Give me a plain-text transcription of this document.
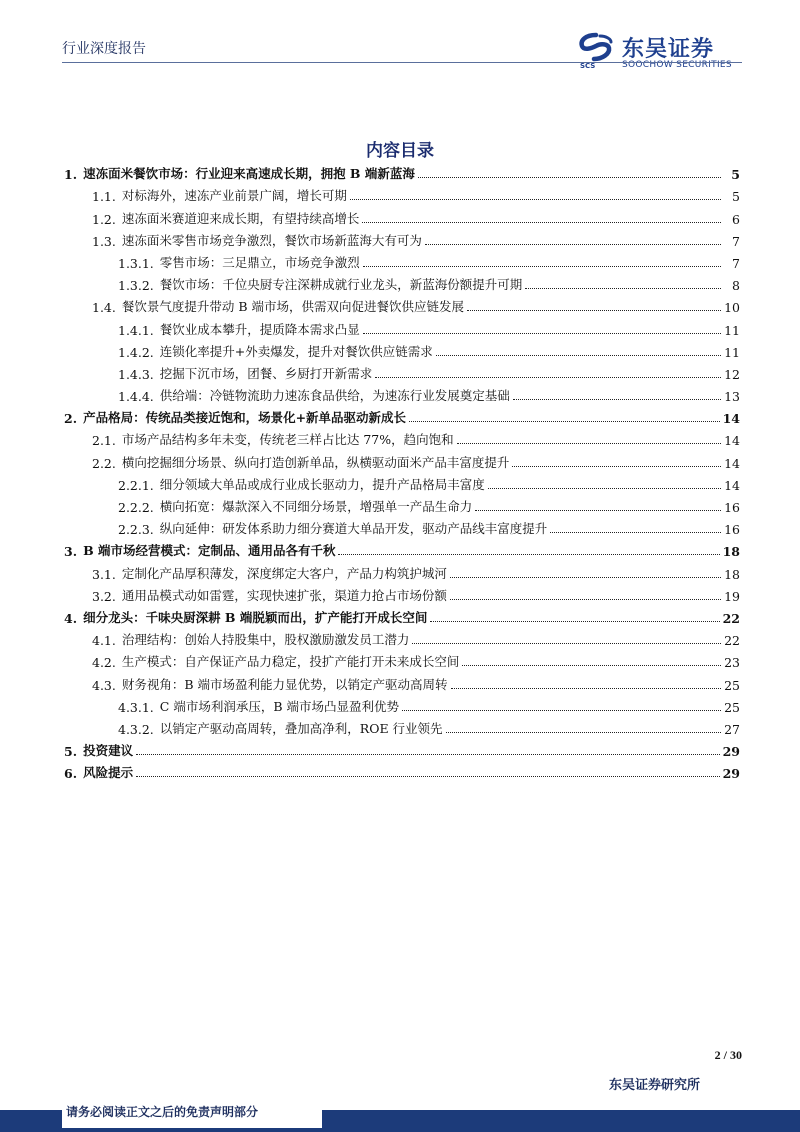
行业深度报告
SCS
东吴证券
SOOCHOW SECURITIES
内容目录
1. 速冻面米餐饮市场：行业迎来高速成长期，拥抱 B 端新蓝海	5
1.1. 对标海外，速冻产业前景广阔，增长可期	5
1.2. 速冻面米赛道迎来成长期，有望持续高增长	6
1.3. 速冻面米零售市场竞争激烈，餐饮市场新蓝海大有可为	7
1.3.1. 零售市场：三足鼎立，市场竞争激烈	7
1.3.2. 餐饮市场：千位央厨专注深耕成就行业龙头，新蓝海份额提升可期	8
1.4. 餐饮景气度提升带动 B 端市场，供需双向促进餐饮供应链发展	10
1.4.1. 餐饮业成本攀升，提质降本需求凸显	11
1.4.2. 连锁化率提升+外卖爆发，提升对餐饮供应链需求	11
1.4.3. 挖掘下沉市场，团餐、乡厨打开新需求	12
1.4.4. 供给端：冷链物流助力速冻食品供给，为速冻行业发展奠定基础	13
2. 产品格局：传统品类接近饱和，场景化+新单品驱动新成长	14
2.1. 市场产品结构多年未变，传统老三样占比达 77%，趋向饱和	14
2.2. 横向挖掘细分场景、纵向打造创新单品，纵横驱动面米产品丰富度提升	14
2.2.1. 细分领域大单品或成行业成长驱动力，提升产品格局丰富度	14
2.2.2. 横向拓宽：爆款深入不同细分场景，增强单一产品生命力	16
2.2.3. 纵向延伸：研发体系助力细分赛道大单品开发，驱动产品线丰富度提升	16
3. B 端市场经营模式：定制品、通用品各有千秋	18
3.1. 定制化产品厚积薄发，深度绑定大客户，产品力构筑护城河	18
3.2. 通用品模式动如雷霆，实现快速扩张，渠道力抢占市场份额	19
4. 细分龙头：千味央厨深耕 B 端脱颖而出，扩产能打开成长空间	22
4.1. 治理结构：创始人持股集中，股权激励激发员工潜力	22
4.2. 生产模式：自产保证产品力稳定，投扩产能打开未来成长空间	23
4.3. 财务视角：B 端市场盈利能力显优势，以销定产驱动高周转	25
4.3.1. C 端市场利润承压，B 端市场凸显盈利优势	25
4.3.2. 以销定产驱动高周转，叠加高净利，ROE 行业领先	27
5. 投资建议	29
6. 风险提示	29
2 / 30
东吴证券研究所
请务必阅读正文之后的免责声明部分
